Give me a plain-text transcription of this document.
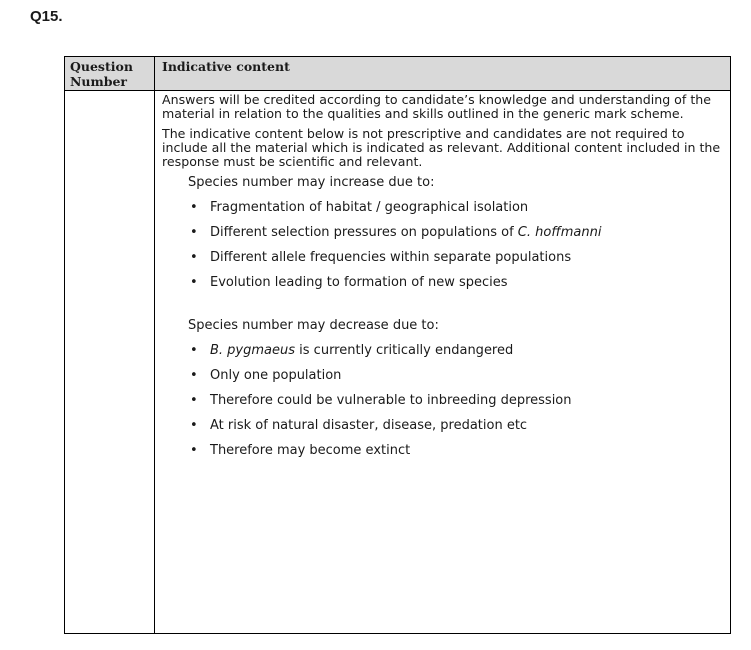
Q15.
Question Number
Indicative content

Answers will be credited according to candidate’s knowledge and understanding of the material in relation to the qualities and skills outlined in the generic mark scheme.

The indicative content below is not prescriptive and candidates are not required to include all the material which is indicated as relevant. Additional content included in the response must be scientific and relevant.

Species number may increase due to:
• Fragmentation of habitat / geographical isolation
• Different selection pressures on populations of C. hoffmanni
• Different allele frequencies within separate populations
• Evolution leading to formation of new species
Species number may decrease due to:
• B. pygmaeus is currently critically endangered
• Only one population
• Therefore could be vulnerable to inbreeding depression
• At risk of natural disaster, disease, predation etc
• Therefore may become extinct
